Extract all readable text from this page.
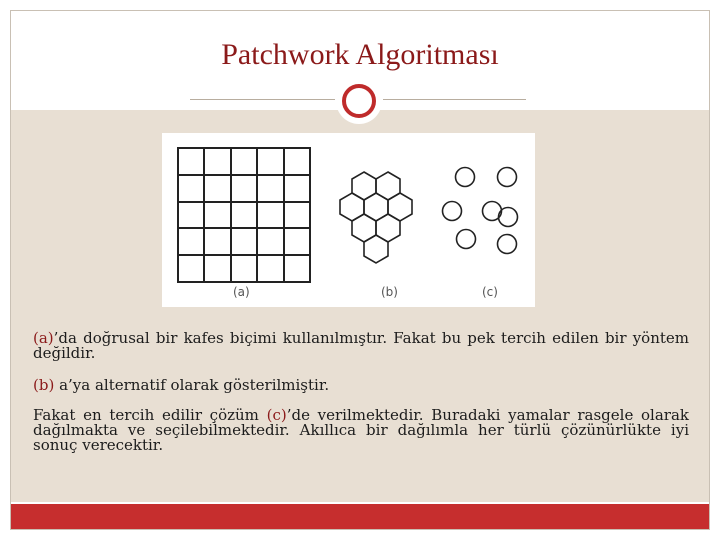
Patchwork Algoritması
(a)	(b)	(c)
(a)’da doğrusal bir kafes biçimi kullanılmıştır. Fakat bu pek tercih edilen bir yöntem değildir.
(b) a’ya alternatif olarak gösterilmiştir.
Fakat en tercih edilir çözüm (c)’de verilmektedir. Buradaki yamalar rasgele olarak dağılmakta ve seçilebilmektedir. Akıllıca bir dağılımla her türlü çözünürlükte iyi sonuç verecektir.
